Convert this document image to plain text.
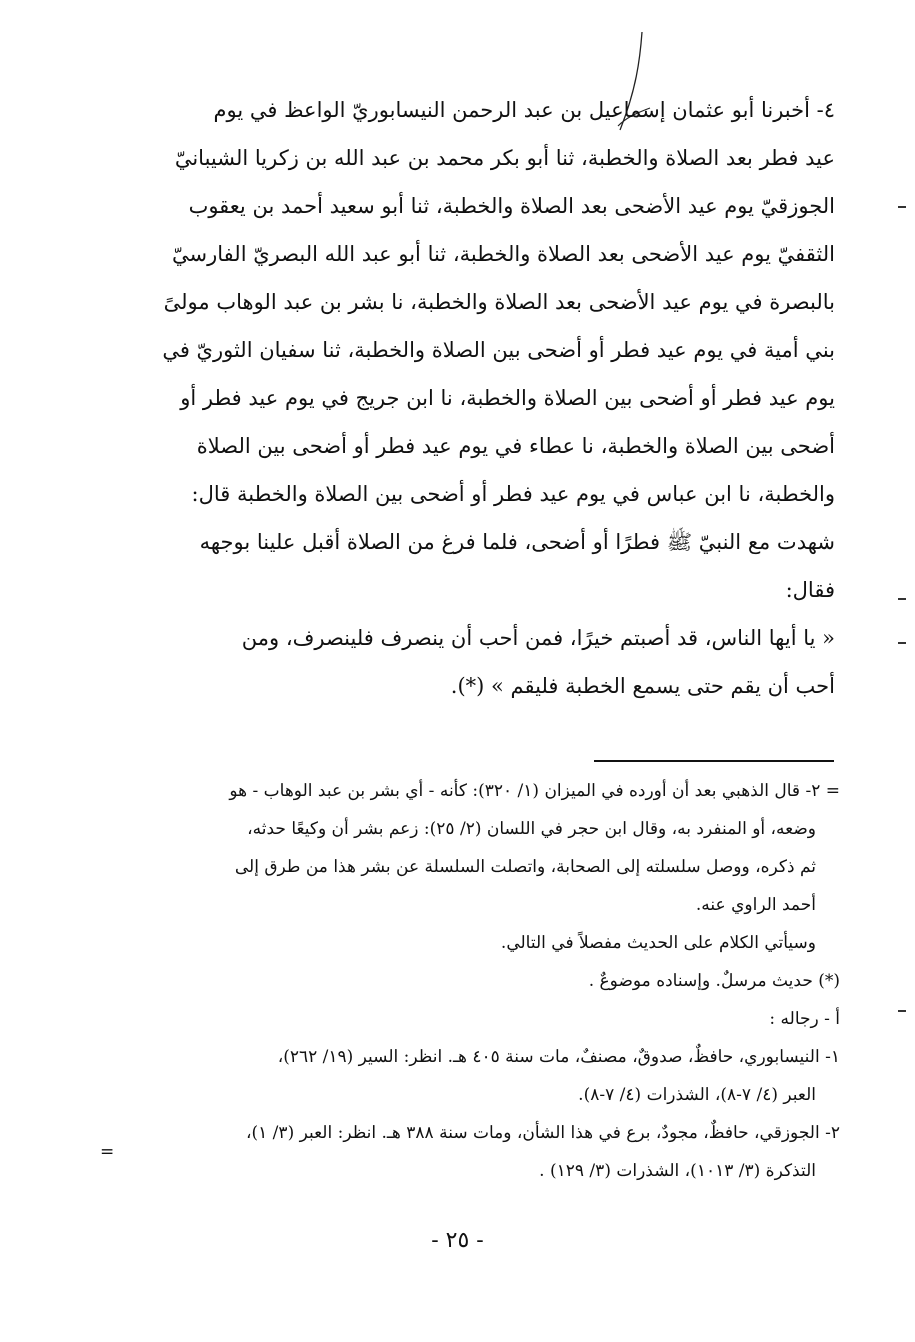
٤- أخبرنا أبو عثمان إسماعيل بن عبد الرحمن النيسابوريّ الواعظ في يوم

عيد فطر بعد الصلاة والخطبة، ثنا أبو بكر محمد بن عبد الله بن زكريا الشيبانيّ

الجوزقيّ يوم عيد الأضحى بعد الصلاة والخطبة، ثنا أبو سعيد أحمد بن يعقوب

الثقفيّ يوم عيد الأضحى بعد الصلاة والخطبة، ثنا أبو عبد الله البصريّ الفارسيّ

بالبصرة في يوم عيد الأضحى بعد الصلاة والخطبة، نا بشر بن عبد الوهاب مولىً

بني أمية في يوم عيد فطر أو أضحى بين الصلاة والخطبة، ثنا سفيان الثوريّ في

يوم عيد فطر أو أضحى بين الصلاة والخطبة، نا ابن جريج في يوم عيد فطر أو

أضحى بين الصلاة والخطبة، نا عطاء في يوم عيد فطر أو أضحى بين الصلاة

والخطبة، نا ابن عباس في يوم عيد فطر أو أضحى بين الصلاة والخطبة قال:

شهدت مع النبيّ ﷺ فطرًا أو أضحى، فلما فرغ من الصلاة أقبل علينا بوجهه

فقال:

« يا أيها الناس، قد أصبتم خيرًا، فمن أحب أن ينصرف فلينصرف، ومن

أحب أن يقم حتى يسمع الخطبة فليقم » (*).

= ٢- قال الذهبي بعد أن أورده في الميزان (١/ ٣٢٠): كأنه - أي بشر بن عبد الوهاب - هو

وضعه، أو المنفرد به، وقال ابن حجر في اللسان (٢/ ٢٥): زعم بشر أن وكيعًا حدثه،

ثم ذكره، ووصل سلسلته إلى الصحابة، واتصلت السلسلة عن بشر هذا من طرق إلى

أحمد الراوي عنه.

وسيأتي الكلام على الحديث مفصلاً في التالي.

(*) حديث مرسلٌ. وإسناده موضوعٌ .

أ - رجاله :

١- النيسابوري، حافظٌ، صدوقٌ، مصنفٌ، مات سنة ٤٠٥ هـ. انظر: السير (١٩/ ٢٦٢)،

العبر (٤/ ٧-٨)، الشذرات (٤/ ٧-٨).

٢- الجوزقي، حافظٌ، مجودٌ، برع في هذا الشأن، ومات سنة ٣٨٨ هـ. انظر: العبر (٣/ ١)،

التذكرة (٣/ ١٠١٣)، الشذرات (٣/ ١٢٩) .

=
- ٢٥ -
